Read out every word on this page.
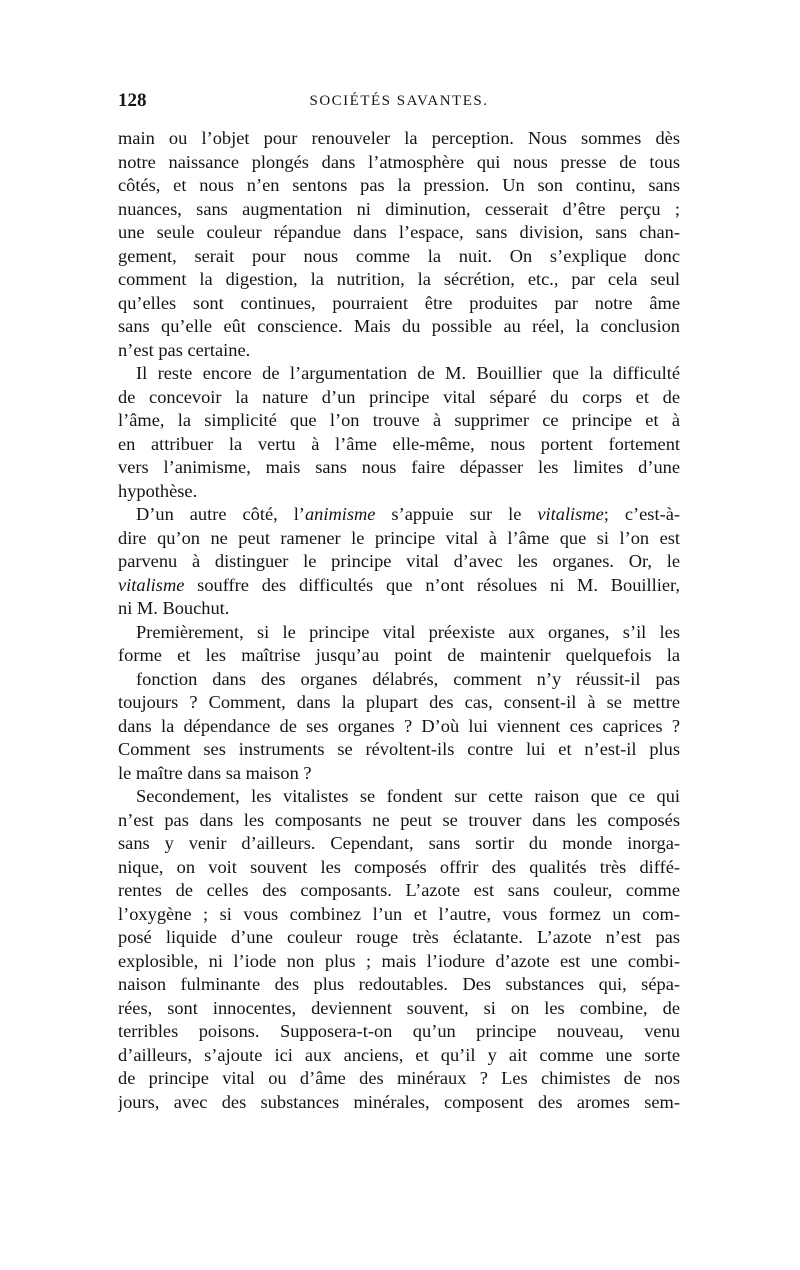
128	SOCIÉTÉS SAVANTES.
main ou l’objet pour renouveler la perception. Nous sommes dès
notre naissance plongés dans l’atmosphère qui nous presse de tous
côtés, et nous n’en sentons pas la pression. Un son continu, sans
nuances, sans augmentation ni diminution, cesserait d’être perçu ;
une seule couleur répandue dans l’espace, sans division, sans chan-
gement, serait pour nous comme la nuit. On s’explique donc
comment la digestion, la nutrition, la sécrétion, etc., par cela seul
qu’elles sont continues, pourraient être produites par notre âme
sans qu’elle eût conscience. Mais du possible au réel, la conclusion
n’est pas certaine.
Il reste encore de l’argumentation de M. Bouillier que la difficulté
de concevoir la nature d’un principe vital séparé du corps et de
l’âme, la simplicité que l’on trouve à supprimer ce principe et à
en attribuer la vertu à l’âme elle-même, nous portent fortement
vers l’animisme, mais sans nous faire dépasser les limites d’une
hypothèse.
D’un autre côté, l’animisme s’appuie sur le vitalisme; c’est-à-
dire qu’on ne peut ramener le principe vital à l’âme que si l’on est
parvenu à distinguer le principe vital d’avec les organes. Or, le
vitalisme souffre des difficultés que n’ont résolues ni M. Bouillier,
ni M. Bouchut.
Premièrement, si le principe vital préexiste aux organes, s’il les
forme et les maîtrise jusqu’au point de maintenir quelquefois la
fonction dans des organes délabrés, comment n’y réussit-il pas
toujours ? Comment, dans la plupart des cas, consent-il à se mettre
dans la dépendance de ses organes ? D’où lui viennent ces caprices ?
Comment ses instruments se révoltent-ils contre lui et n’est-il plus
le maître dans sa maison ?
Secondement, les vitalistes se fondent sur cette raison que ce qui
n’est pas dans les composants ne peut se trouver dans les composés
sans y venir d’ailleurs. Cependant, sans sortir du monde inorga-
nique, on voit souvent les composés offrir des qualités très diffé-
rentes de celles des composants. L’azote est sans couleur, comme
l’oxygène ; si vous combinez l’un et l’autre, vous formez un com-
posé liquide d’une couleur rouge très éclatante. L’azote n’est pas
explosible, ni l’iode non plus ; mais l’iodure d’azote est une combi-
naison fulminante des plus redoutables. Des substances qui, sépa-
rées, sont innocentes, deviennent souvent, si on les combine, de
terribles poisons. Supposera-t-on qu’un principe nouveau, venu
d’ailleurs, s’ajoute ici aux anciens, et qu’il y ait comme une sorte
de principe vital ou d’âme des minéraux ? Les chimistes de nos
jours, avec des substances minérales, composent des aromes sem-
